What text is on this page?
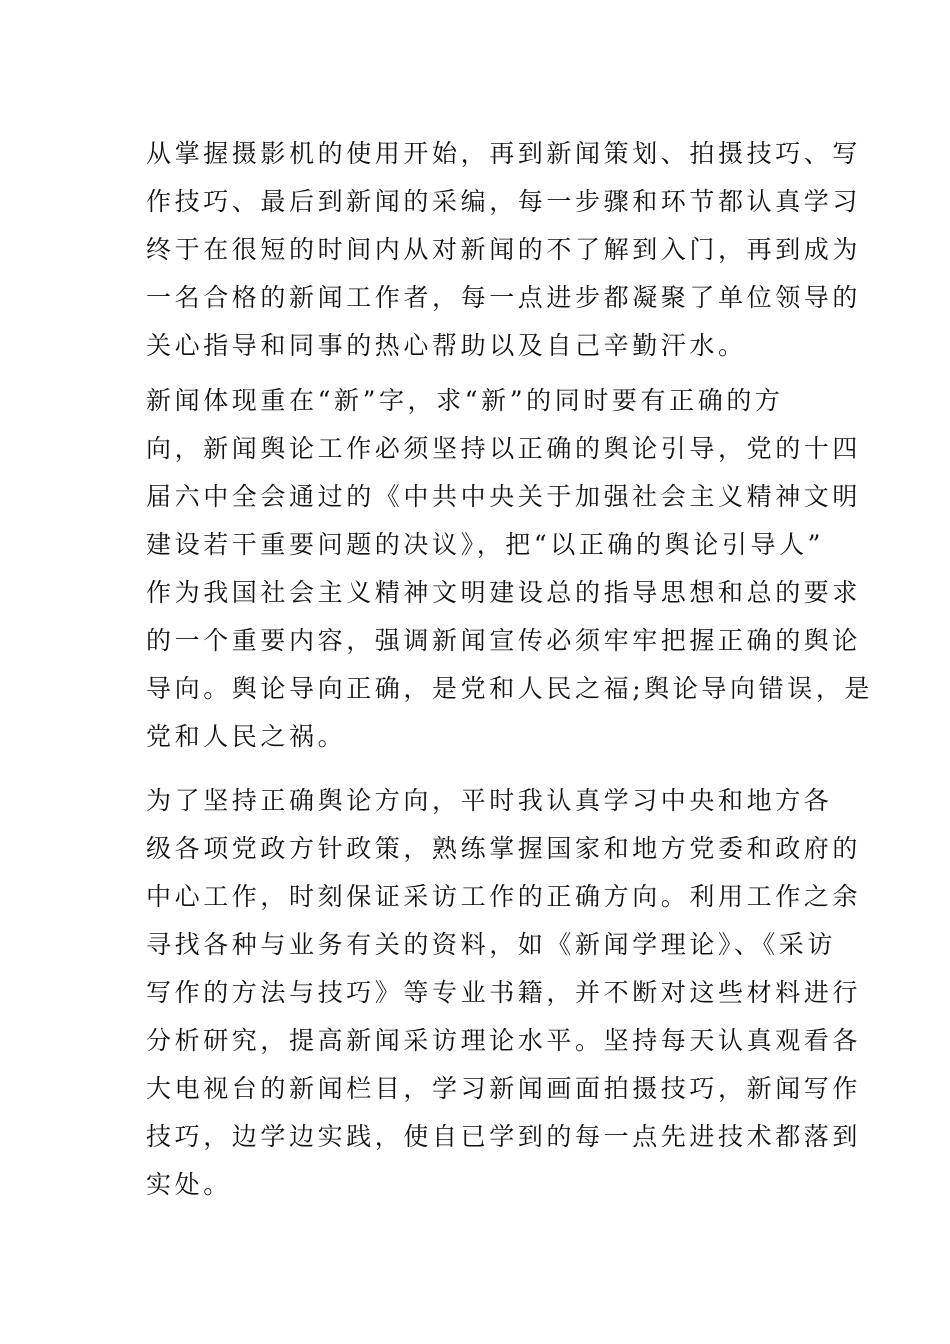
从掌握摄影机的使用开始，再到新闻策划、拍摄技巧、写
作技巧、最后到新闻的采编，每一步骤和环节都认真学习
终于在很短的时间内从对新闻的不了解到入门，再到成为
一名合格的新闻工作者，每一点进步都凝聚了单位领导的
关心指导和同事的热心帮助以及自己辛勤汗水。
新闻体现重在“新”字，求“新”的同时要有正确的方
向，新闻舆论工作必须坚持以正确的舆论引导，党的十四
届六中全会通过的《中共中央关于加强社会主义精神文明
建设若干重要问题的决议》，把“以正确的舆论引导人”
作为我国社会主义精神文明建设总的指导思想和总的要求
的一个重要内容，强调新闻宣传必须牢牢把握正确的舆论
导向。舆论导向正确，是党和人民之福;舆论导向错误，是
党和人民之祸。
为了坚持正确舆论方向，平时我认真学习中央和地方各
级各项党政方针政策，熟练掌握国家和地方党委和政府的
中心工作，时刻保证采访工作的正确方向。利用工作之余
寻找各种与业务有关的资料，如《新闻学理论》、《采访
写作的方法与技巧》等专业书籍，并不断对这些材料进行
分析研究，提高新闻采访理论水平。坚持每天认真观看各
大电视台的新闻栏目，学习新闻画面拍摄技巧，新闻写作
技巧，边学边实践，使自已学到的每一点先进技术都落到
实处。
